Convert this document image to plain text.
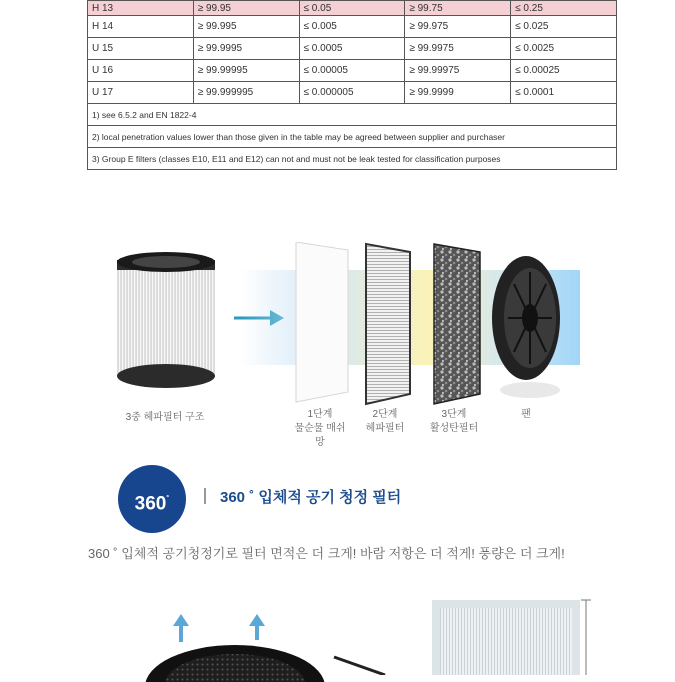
H 13	≥ 99.95	≤ 0.05	≥ 99.75	≤ 0.25
H 14	≥ 99.995	≤ 0.005	≥ 99.975	≤ 0.025
U 15	≥ 99.9995	≤ 0.0005	≥ 99.9975	≤ 0.0025
U 16	≥ 99.99995	≤ 0.00005	≥ 99.99975	≤ 0.00025
U 17	≥ 99.999995	≤ 0.000005	≥ 99.9999	≤ 0.0001
1) see 6.5.2 and EN 1822-4				
2) local penetration values lower than those given in the table may be agreed between supplier and purchaser				
3) Group E filters (classes E10, E11 and E12) can not and must not be leak tested for classification purposes				
3중 헤파필터 구조	1단계
물순물 매쉬망
2단계
헤파필터
3단계
활성탄필터
팬
360˚	360 ˚ 입체적 공기 청정 필터
360 ˚ 입체적 공기청정기로 필터 면적은 더 크게! 바람 저항은 더 적게! 풍량은 더 크게!
